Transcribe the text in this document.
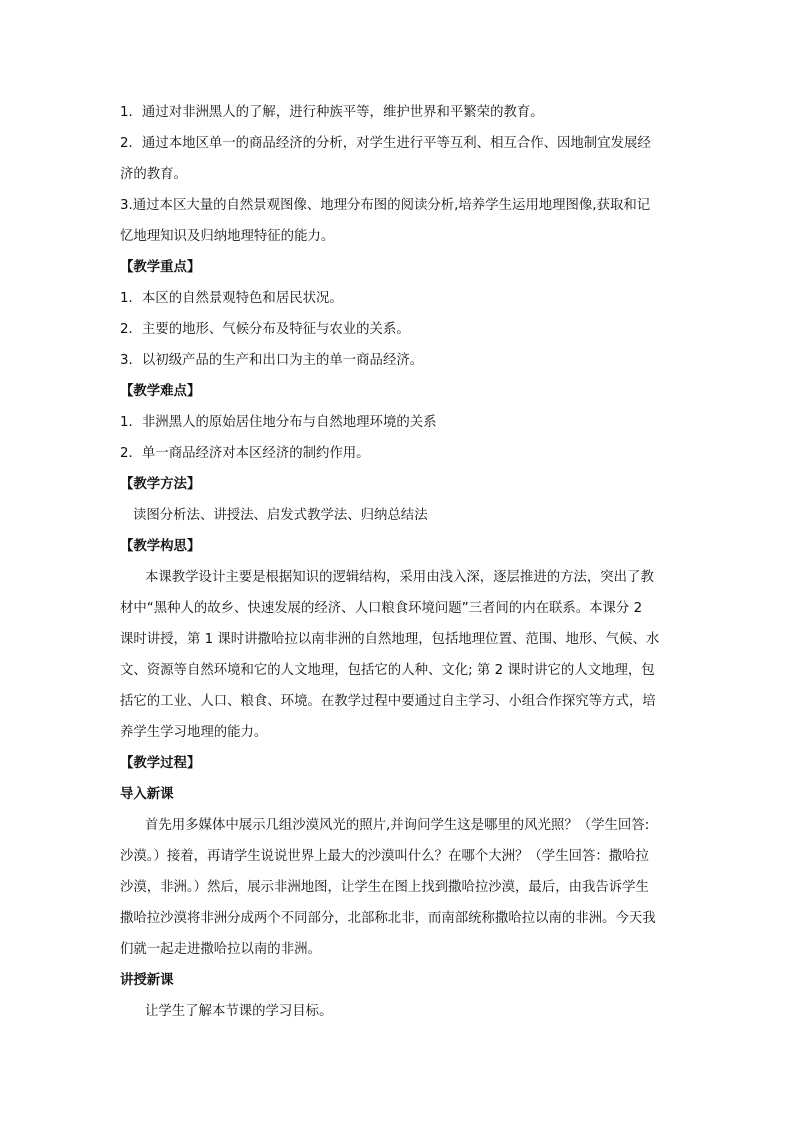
1．通过对非洲黑人的了解，进行种族平等，维护世界和平繁荣的教育。
2．通过本地区单一的商品经济的分析，对学生进行平等互利、相互合作、因地制宜发展经
济的教育。
3.通过本区大量的自然景观图像、地理分布图的阅读分析,培养学生运用地理图像,获取和记
忆地理知识及归纳地理特征的能力。
【教学重点】
1．本区的自然景观特色和居民状况。
2．主要的地形、气候分布及特征与农业的关系。
3．以初级产品的生产和出口为主的单一商品经济。
【教学难点】
1．非洲黑人的原始居住地分布与自然地理环境的关系
2．单一商品经济对本区经济的制约作用。
【教学方法】
读图分析法、讲授法、启发式教学法、归纳总结法
【教学构思】
本课教学设计主要是根据知识的逻辑结构，采用由浅入深，逐层推进的方法，突出了教
材中“黑种人的故乡、快速发展的经济、人口粮食环境问题”三者间的内在联系。本课分 2
课时讲授，第 1 课时讲撒哈拉以南非洲的自然地理，包括地理位置、范围、地形、气候、水
文、资源等自然环境和它的人文地理，包括它的人种、文化; 第 2 课时讲它的人文地理，包
括它的工业、人口、粮食、环境。在教学过程中要通过自主学习、小组合作探究等方式，培
养学生学习地理的能力。
【教学过程】
导入新课
首先用多媒体中展示几组沙漠风光的照片,并询问学生这是哪里的风光照？（学生回答:
沙漠。）接着，再请学生说说世界上最大的沙漠叫什么？在哪个大洲？（学生回答：撒哈拉
沙漠，非洲。）然后，展示非洲地图，让学生在图上找到撒哈拉沙漠，最后，由我告诉学生
撒哈拉沙漠将非洲分成两个不同部分，北部称北非，而南部统称撒哈拉以南的非洲。今天我
们就一起走进撒哈拉以南的非洲。
讲授新课
让学生了解本节课的学习目标。
